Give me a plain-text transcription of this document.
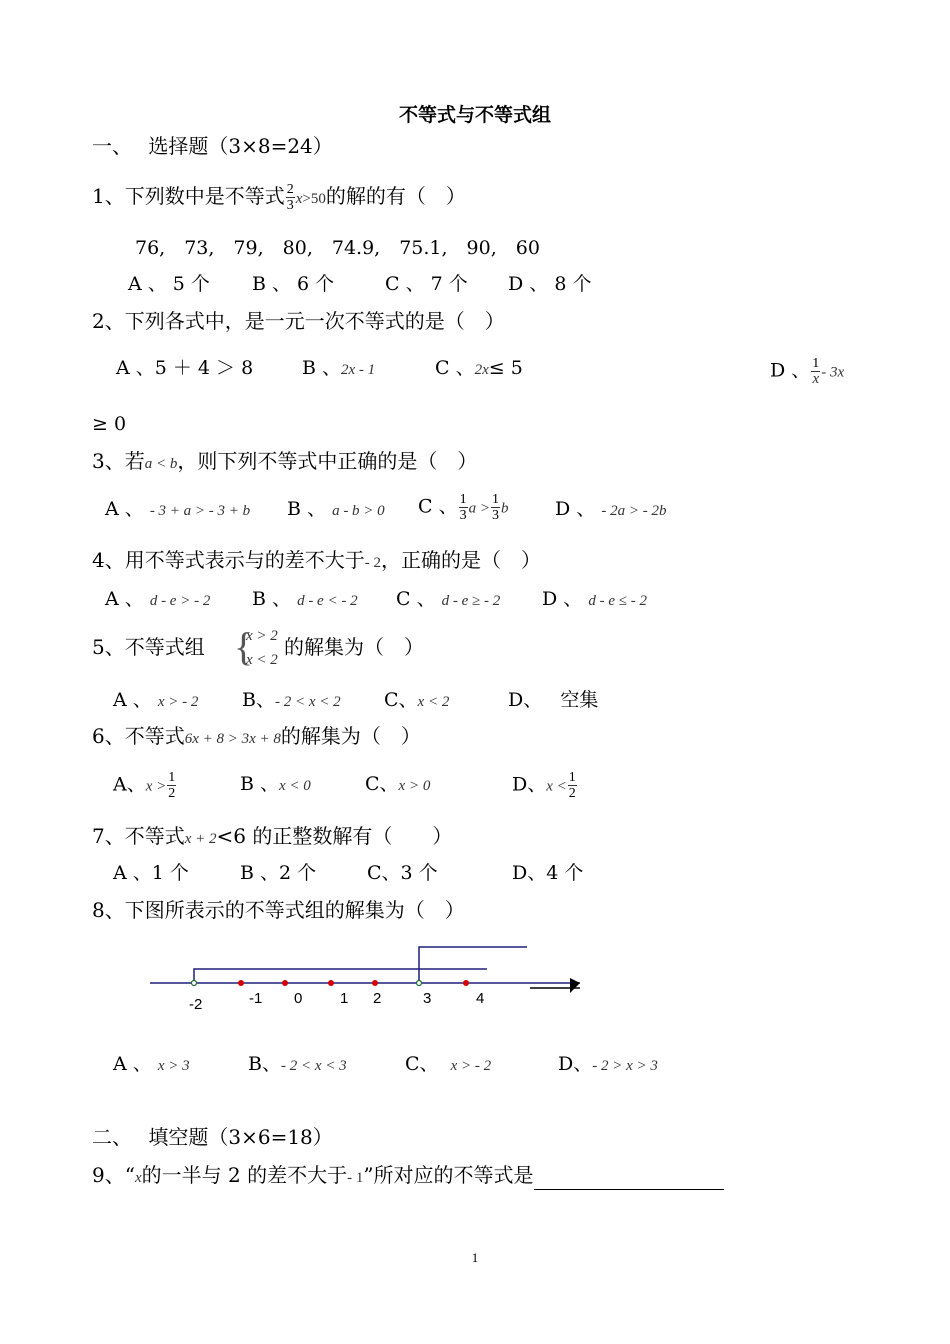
不等式与不等式组
一、　 选择题（3×8=24）
1、下列数中是不等式 $\frac{2}{3} x>50$的解的有（　）
76,　73,　79,　80,　74.9,　75.1,　90,　60
A 、 5 个 B 、 6 个	C 、 7 个 D 、 8 个
2、下列各式中，是一元一次不等式的是（　）
A 、5 ＋ 4 ＞ 8	B 、2x - 1	C 、2x≤ 5	D 、 $\frac{1}{x} - 3x$
≥ 0
3、若a < b，则下列不等式中正确的是（　）
A 、 - 3 + a > - 3 + b B 、 a - b > 0 C 、 $\frac{1}{3}$ $a > \frac{1}{3}$ b D 、 - 2a > - 2b
4、用不等式表示与的差不大于- 2，正确的是（　）
A 、 d - e > - 2 B 、 d - e < - 2 C 、 d - e ≥ - 2 D 、 d - e ≤ - 2
5、不等式组 {
x > 2
x < 2
的解集为（　）
A 、 x > - 2 B、- 2 < x < 2 C、x < 2	D、 空集
6、不等式6x + 8 > 3x + 8的解集为（　）
A、$x > \frac{1}{2}$	B 、x < 0	C、x > 0	D、$x < \frac{1}{2}$
7、不等式x + 2<6 的正整数解有（　　）
A 、1 个	B 、2 个	C、3 个	D、4 个
8、下图所表示的不等式组的解集为（　）
-2	-1 0	1 2	3	4
A 、 x > 3	B、- 2 < x < 3	C、 x > - 2	D、- 2 > x > 3
二、　 填空题（3×6=18）
9、“x的一半与 2 的差不大于- 1”所对应的不等式是
1
